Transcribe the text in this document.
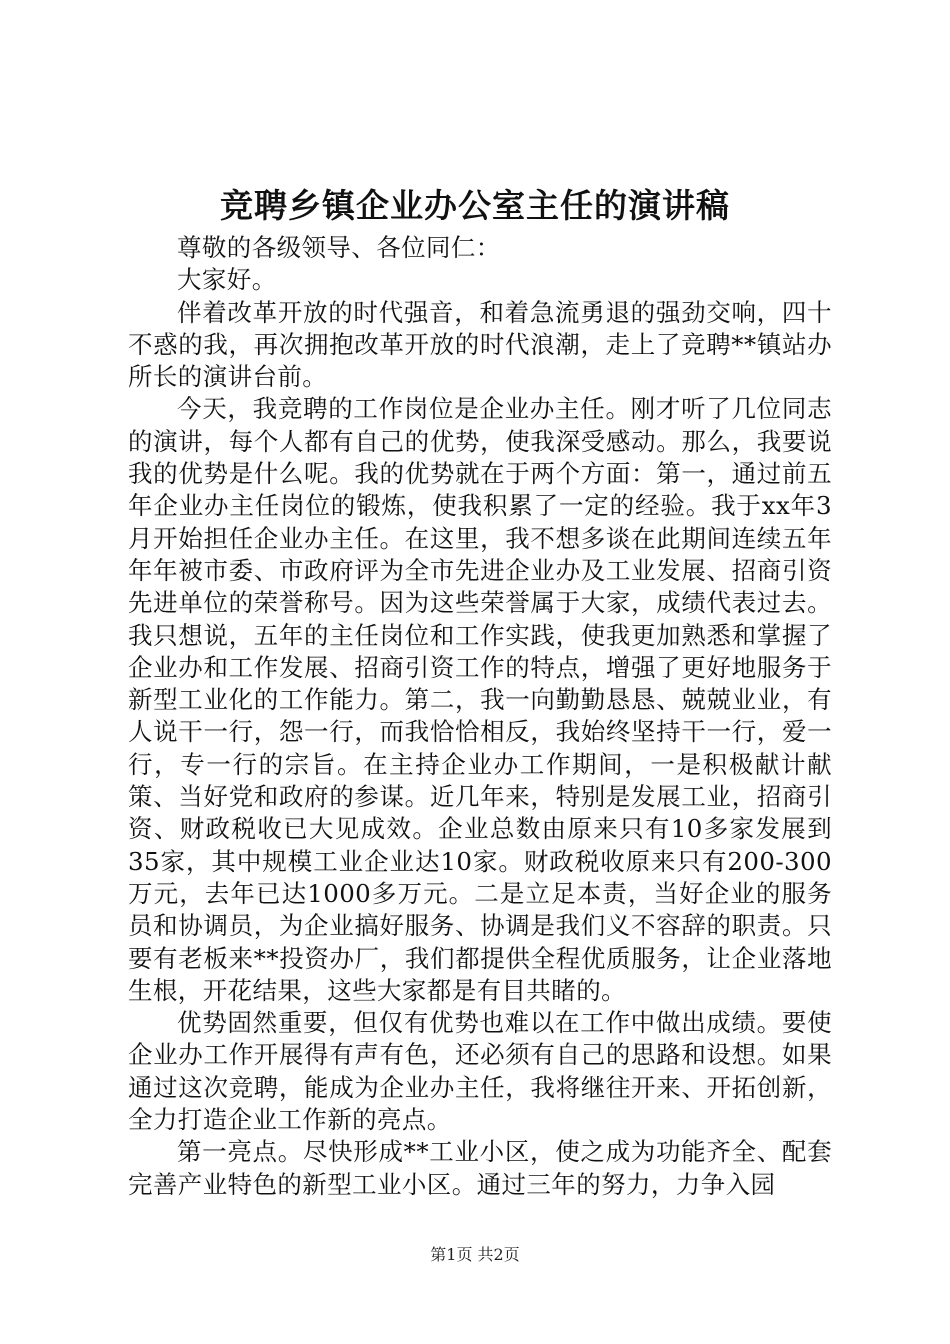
竞聘乡镇企业办公室主任的演讲稿

尊敬的各级领导、各位同仁：

大家好。

伴着改革开放的时代强音，和着急流勇退的强劲交响，四十不惑的我，再次拥抱改革开放的时代浪潮，走上了竞聘**镇站办所长的演讲台前。

今天，我竞聘的工作岗位是企业办主任。刚才听了几位同志的演讲，每个人都有自己的优势，使我深受感动。那么，我要说我的优势是什么呢。我的优势就在于两个方面：第一，通过前五年企业办主任岗位的锻炼，使我积累了一定的经验。我于xx年3月开始担任企业办主任。在这里，我不想多谈在此期间连续五年年年被市委、市政府评为全市先进企业办及工业发展、招商引资先进单位的荣誉称号。因为这些荣誉属于大家，成绩代表过去。我只想说，五年的主任岗位和工作实践，使我更加熟悉和掌握了企业办和工作发展、招商引资工作的特点，增强了更好地服务于新型工业化的工作能力。第二，我一向勤勤恳恳、兢兢业业，有人说干一行，怨一行，而我恰恰相反，我始终坚持干一行，爱一行，专一行的宗旨。在主持企业办工作期间，一是积极献计献策、当好党和政府的参谋。近几年来，特别是发展工业，招商引资、财政税收已大见成效。企业总数由原来只有10多家发展到35家，其中规模工业企业达10家。财政税收原来只有200-300万元，去年已达1000多万元。二是立足本责，当好企业的服务员和协调员，为企业搞好服务、协调是我们义不容辞的职责。只要有老板来**投资办厂，我们都提供全程优质服务，让企业落地生根，开花结果，这些大家都是有目共睹的。

优势固然重要，但仅有优势也难以在工作中做出成绩。要使企业办工作开展得有声有色，还必须有自己的思路和设想。如果通过这次竞聘，能成为企业办主任，我将继往开来、开拓创新，全力打造企业工作新的亮点。

第一亮点。尽快形成**工业小区，使之成为功能齐全、配套完善产业特色的新型工业小区。通过三年的努力，力争入园

第1页 共2页
